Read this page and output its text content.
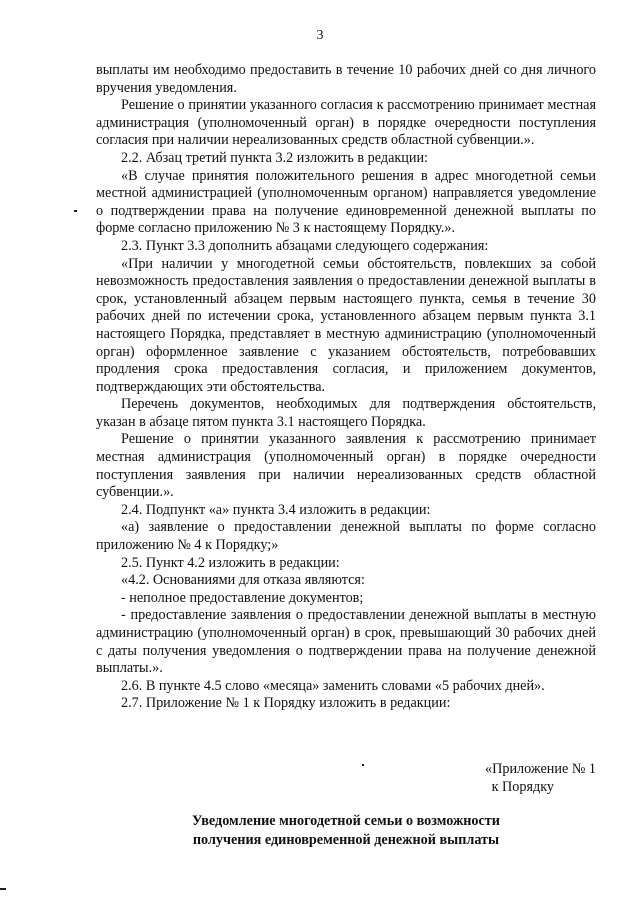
3

выплаты им необходимо предоставить в течение 10 рабочих дней со дня личного вручения уведомления.

Решение о принятии указанного согласия к рассмотрению принимает местная администрация (уполномоченный орган) в порядке очередности поступления согласия при наличии нереализованных средств областной субвенции.».

2.2. Абзац третий пункта 3.2 изложить в редакции:

«В случае принятия положительного решения в адрес многодетной семьи местной администрацией (уполномоченным органом) направляется уведомление о подтверждении права на получение единовременной денежной выплаты по форме согласно приложению № 3 к настоящему Порядку.».

2.3. Пункт 3.3 дополнить абзацами следующего содержания:

«При наличии у многодетной семьи обстоятельств, повлекших за собой невозможность предоставления заявления о предоставлении денежной выплаты в срок, установленный абзацем первым настоящего пункта, семья в течение 30 рабочих дней по истечении срока, установленного абзацем первым пункта 3.1 настоящего Порядка, представляет в местную администрацию (уполномоченный орган) оформленное заявление с указанием обстоятельств, потребовавших продления срока предоставления согласия, и приложением документов, подтверждающих эти обстоятельства.

Перечень документов, необходимых для подтверждения обстоятельств, указан в абзаце пятом пункта 3.1 настоящего Порядка.

Решение о принятии указанного заявления к рассмотрению принимает местная администрация (уполномоченный орган) в порядке очередности поступления заявления при наличии нереализованных средств областной субвенции.».

2.4. Подпункт «а» пункта 3.4 изложить в редакции:

«а) заявление о предоставлении денежной выплаты по форме согласно приложению № 4 к Порядку;»

2.5. Пункт 4.2 изложить в редакции:

«4.2. Основаниями для отказа являются:

- неполное предоставление документов;

- предоставление заявления о предоставлении денежной выплаты в местную администрацию (уполномоченный орган) в срок, превышающий 30 рабочих дней с даты получения уведомления о подтверждении права на получение денежной выплаты.».

2.6. В пункте 4.5 слово «месяца» заменить словами «5 рабочих дней».

2.7. Приложение № 1 к Порядку изложить в редакции:

«Приложение № 1
к Порядку
Уведомление многодетной семьи о возможности
получения единовременной денежной выплаты
